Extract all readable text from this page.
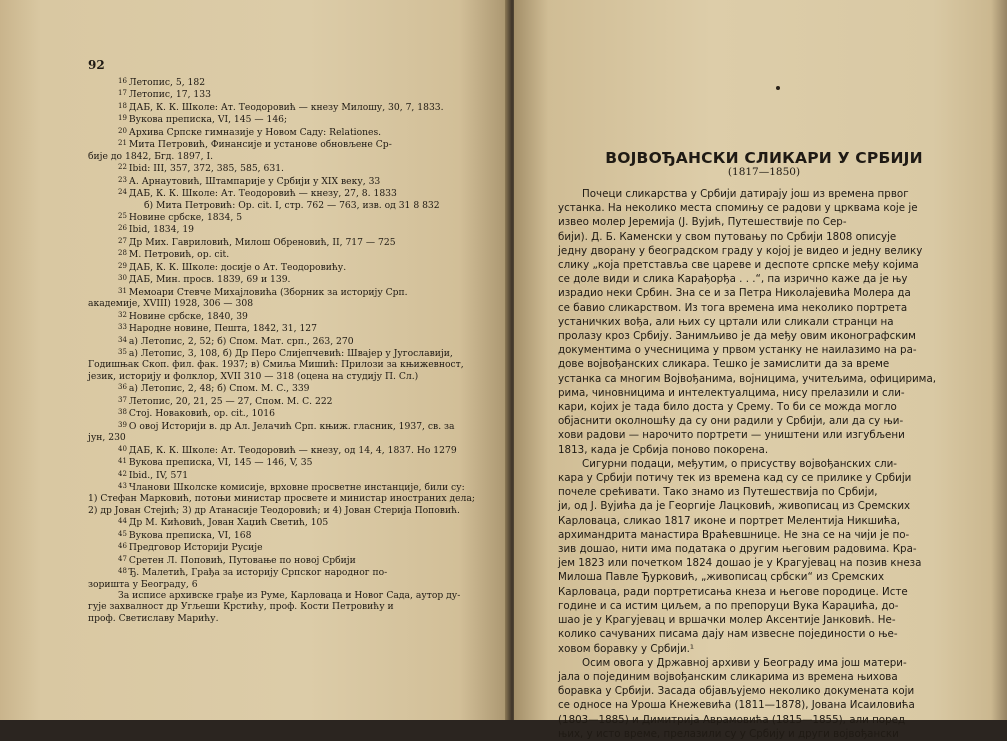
92
$^{16}$ Летопис, 5, 182
$^{17}$ Летопис, 17, 133
$^{18}$ ДАБ, К. К. Школе: Ат. Теодоровић — кнезу Милошу, 30, 7, 1833.
$^{19}$ Вукова преписка, VI, 145 — 146;
$^{20}$ Архива Српске гимназије у Новом Саду: Relationes.
$^{21}$ Мита Петровић, Финансије и установе обновљене Ср-
бије до 1842, Бгд. 1897, I.
$^{22}$ Ibid: III, 357, 372, 385, 585, 631.
$^{23}$ А. Арнаутовић, Штампарије у Србији у XIX веку, 33
$^{24}$ ДАБ, К. К. Школе: Ат. Теодоровић — кнезу, 27, 8. 1833
б) Мита Петровић: Op. cit. I, стр. 762 — 763, изв. од 31 8 832
$^{25}$ Новине србске, 1834, 5
$^{26}$ Ibid, 1834, 19
$^{27}$ Др Мих. Гавриловић, Милош Обреновић, II, 717 — 725
$^{28}$ М. Петровић, op. cit.
$^{29}$ ДАБ, К. К. Школе: досије о Ат. Теодоровићу.
$^{30}$ ДАБ, Мин. просв. 1839, 69 и 139.
$^{31}$ Мемоари Стевче Михајловића (Зборник за историју Срп.
академије, XVIII) 1928, 306 — 308
$^{32}$ Новине србске, 1840, 39
$^{33}$ Народне новине, Пешта, 1842, 31, 127
$^{34}$ а) Летопис, 2, 52; б) Спом. Мат. срп., 263, 270
$^{35}$ а) Летопис, 3, 108, б) Др Перо Слијепчевић: Швајер у Југославији,
Годишњак Скоп. фил. фак. 1937; в) Смиља Мишић: Прилози за књижевност,
језик, историју и фолклор, XVII 310 — 318 (оцена на студију П. Сл.)
$^{36}$ а) Летопис, 2, 48; б) Спом. М. С., 339
$^{37}$ Летопис, 20, 21, 25 — 27, Спом. М. С. 222
$^{38}$ Стој. Новаковић, op. cit., 1016
$^{39}$ О овој Историји в. др Ал. Јелачић Срп. књиж. гласник, 1937, св. за
јун, 230
$^{40}$ ДАБ, К. К. Школе: Ат. Теодоровић — кнезу, од 14, 4, 1837. Но 1279
$^{41}$ Вукова преписка, VI, 145 — 146, V, 35
$^{42}$ Ibid., IV, 571
$^{43}$ Чланови Школске комисије, врховне просветне инстанције, били су:
1) Стефан Марковић, потоњи министар просвете и министар иностраних дела;
2) др Јован Стејић; 3) др Атанасије Теодоровић; и 4) Јован Стерија Поповић.
$^{44}$ Др М. Кићовић, Јован Хаџић Светић, 105
$^{45}$ Вукова преписка, VI, 168
$^{46}$ Предговор Историји Русије
$^{47}$ Сретен Л. Поповић, Путовање по новој Србији
$^{48}$ Ђ. Малетић, Грађа за историју Српског народног по-
зоришта у Београду, 6
За исписе архивске грађе из Руме, Карловаца и Новог Сада, аутор ду-
гује захвалност др Угљеши Крстићу, проф. Кости Петровићу и
проф. Светиславу Марићу.
ВОЈВОЂАНСКИ СЛИКАРИ У СРБИЈИ
(1817—1850)
Почеци сликарства у Србији датирају још из времена првог
устанка. На неколико места спомињу се радови у црквама које је
извео молер Јеремија (Ј. Вујић, Путешествије по Сер-
бији). Д. Б. Каменски у свом путовању по Србији 1808 описује
једну дворану у београдском граду у којој је видео и једну велику
слику „која претставља све цареве и деспоте српске међу којима
се доле види и слика Карађорђа . . .“, па изрично каже да је њу
израдио неки Србин. Зна се и за Петра Николајевића Молера да
се бавио сликарством. Из тога времена има неколико портрета
устаничких вођа, али њих су цртали или сликали странци на
пролазу кроз Србију. Занимљиво је да међу овим иконографским
документима о учесницима у првом устанку не наилазимо на ра-
дове војвођанских сликара. Тешко је замислити да за време
устанка са многим Војвођанима, војницима, учитељима, официрима,
рима, чиновницима и интелектуалцима, нису прелазили и сли-
кари, којих је тада било доста у Срему. То би се можда могло
објаснити околношћу да су они радили у Србији, али да су њи-
хови радови — нарочито портрети — уништени или изгубљени
1813, када је Србија поново покорена.
Сигурни подаци, међутим, о присуству војвођанских сли-
кара у Србији потичу тек из времена кад су се прилике у Србији
почеле срећивати. Тако знамо из Путешествија по Србији,
ји, од Ј. Вујића да је Георгије Лацковић, живописац из Сремских
Карловаца, сликао 1817 иконе и портрет Мелентија Никшића,
архимандрита манастира Враћевшнице. Не зна се на чији је по-
зив дошао, нити има података о другим његовим радовима. Кра-
јем 1823 или почетком 1824 дошао је у Крагујевац на позив кнеза
Милоша Павле Ђурковић, „живописац србски“ из Сремских
Карловаца, ради портретисања кнеза и његове породице. Исте
године и са истим циљем, а по препоруци Вука Караџића, до-
шао је у Крагујевац и вршачки молер Аксентије Јанковић. Не-
колико сачуваних писама дају нам извесне појединости о ње-
ховом боравку у Србији.¹
Осим овога у Државној архиви у Београду има још матери-
јала о појединим војвођанским сликарима из времена њихова
боравка у Србији. Засада објављујемо неколико докумената који
се односе на Уроша Кнежевића (1811—1878), Јована Исаиловића
(1803—1885) и Димитрија Аврамовића (1815—1855), али поред
њих, у исто време, прелазили су у Србију и други војвођански
